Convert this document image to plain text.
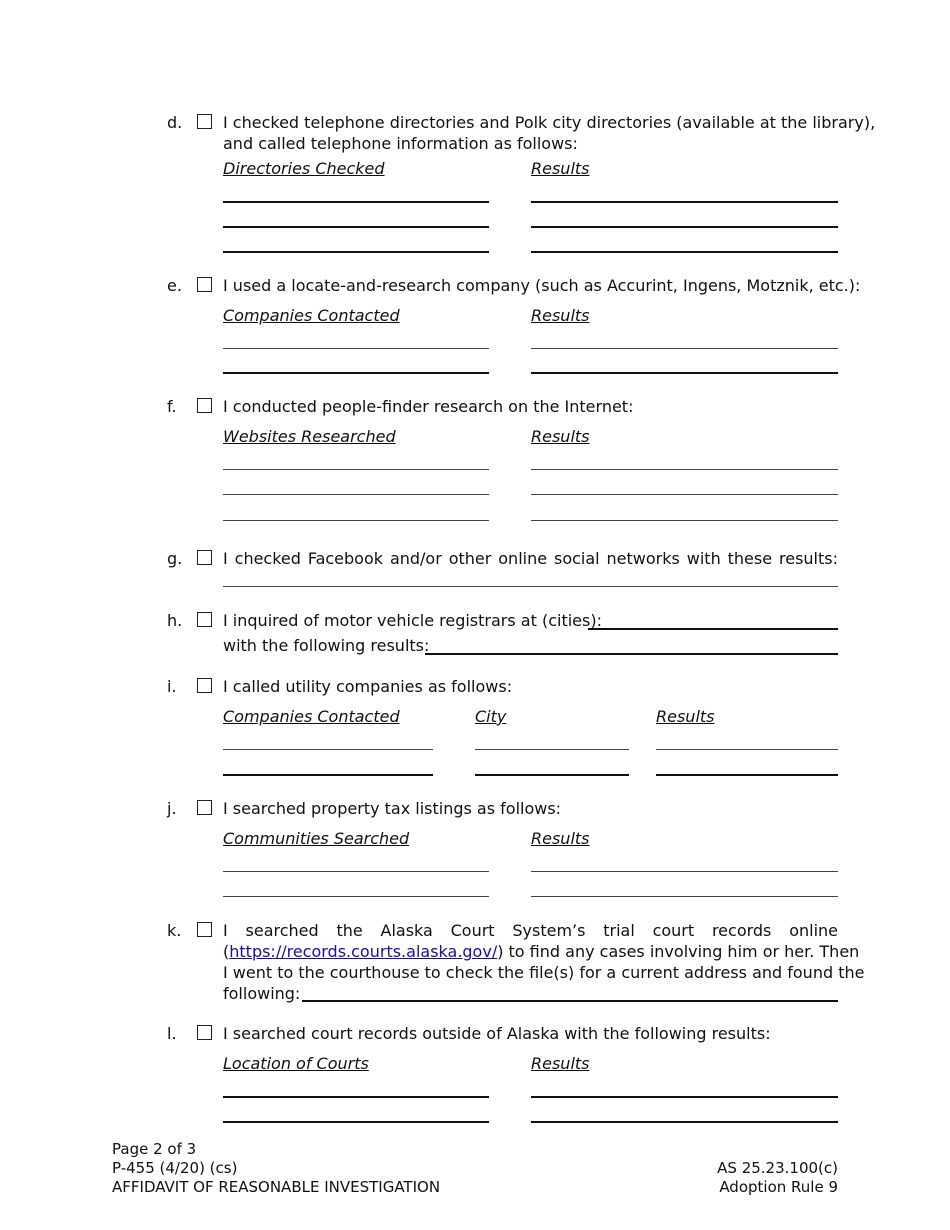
d.	I checked telephone directories and Polk city directories (available at the library),
and called telephone information as follows:
Directories Checked	Results
e.	I used a locate-and-research company (such as Accurint, Ingens, Motznik, etc.):
Companies Contacted	Results
f.	I conducted people-finder research on the Internet:
Websites Researched	Results
g.	I checked Facebook and/or other online social networks with these results:
h.	I inquired of motor vehicle registrars at (cities):
with the following results:
i.	I called utility companies as follows:
Companies Contacted	City	Results
j.	I searched property tax listings as follows:
Communities Searched	Results
k.	I searched the Alaska Court System’s trial court records online
(https://records.courts.alaska.gov/) to find any cases involving him or her. Then
I went to the courthouse to check the file(s) for a current address and found the
following:
l.	I searched court records outside of Alaska with the following results:
Location of Courts	Results
Page 2 of 3
P-455 (4/20) (cs)
AFFIDAVIT OF REASONABLE INVESTIGATION
AS 25.23.100(c)
Adoption Rule 9
